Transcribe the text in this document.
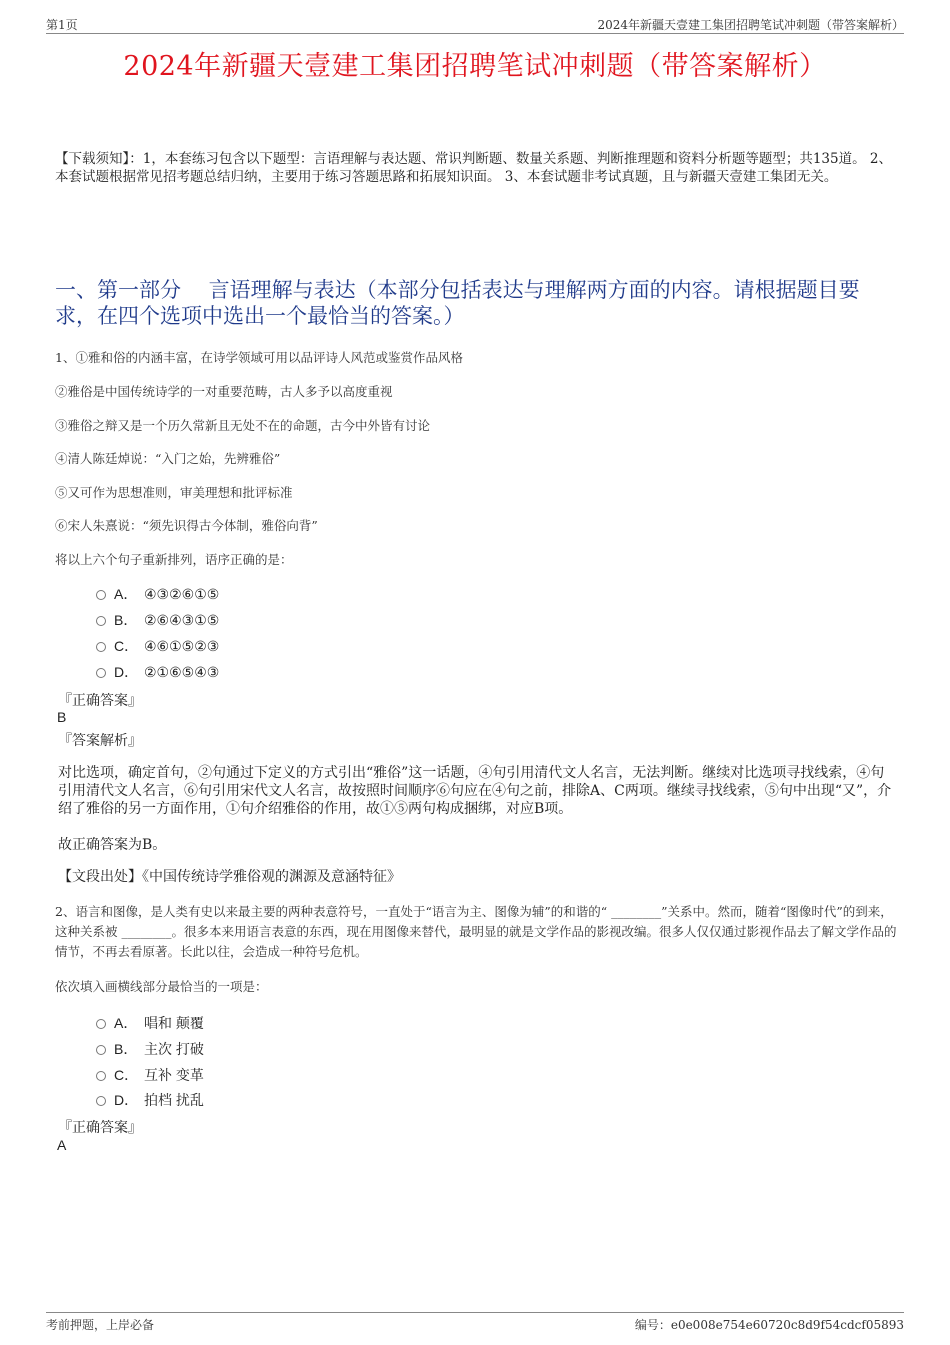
第1页	2024年新疆天壹建工集团招聘笔试冲刺题（带答案解析）
2024年新疆天壹建工集团招聘笔试冲刺题（带答案解析）
【下载须知】：1，本套练习包含以下题型：言语理解与表达题、常识判断题、数量关系题、判断推理题和资料分析题等题型；共135道。 2、本套试题根据常见招考题总结归纳，主要用于练习答题思路和拓展知识面。 3、本套试题非考试真题，且与新疆天壹建工集团无关。
一、第一部分　 言语理解与表达（本部分包括表达与理解两方面的内容。请根据题目要求，在四个选项中选出一个最恰当的答案。）
1、①雅和俗的内涵丰富，在诗学领域可用以品评诗人风范或鉴赏作品风格
②雅俗是中国传统诗学的一对重要范畴，古人多予以高度重视
③雅俗之辩又是一个历久常新且无处不在的命题，古今中外皆有讨论
④清人陈廷焯说：“入门之始，先辨雅俗”
⑤又可作为思想准则，审美理想和批评标准
⑥宋人朱熹说：“须先识得古今体制，雅俗向背”
将以上六个句子重新排列，语序正确的是：
A． ④③②⑥①⑤
B． ②⑥④③①⑤
C． ④⑥①⑤②③
D． ②①⑥⑤④③
『正确答案』
B
『答案解析』
对比选项，确定首句，②句通过下定义的方式引出“雅俗”这一话题，④句引用清代文人名言，无法判断。继续对比选项寻找线索，④句引用清代文人名言，⑥句引用宋代文人名言，故按照时间顺序⑥句应在④句之前，排除A、C两项。继续寻找线索，⑤句中出现“又”，介绍了雅俗的另一方面作用，①句介绍雅俗的作用，故①⑤两句构成捆绑，对应B项。
故正确答案为B。
【文段出处】《中国传统诗学雅俗观的渊源及意涵特征》
2、语言和图像，是人类有史以来最主要的两种表意符号，一直处于“语言为主、图像为辅”的和谐的“ ________”关系中。然而，随着“图像时代”的到来，这种关系被 ________。很多本来用语言表意的东西，现在用图像来替代，最明显的就是文学作品的影视改编。很多人仅仅通过影视作品去了解文学作品的情节，不再去看原著。长此以往，会造成一种符号危机。
依次填入画横线部分最恰当的一项是：
A． 唱和 颠覆
B． 主次 打破
C． 互补 变革
D． 拍档 扰乱
『正确答案』
A
考前押题，上岸必备	编号：e0e008e754e60720c8d9f54cdcf05893
